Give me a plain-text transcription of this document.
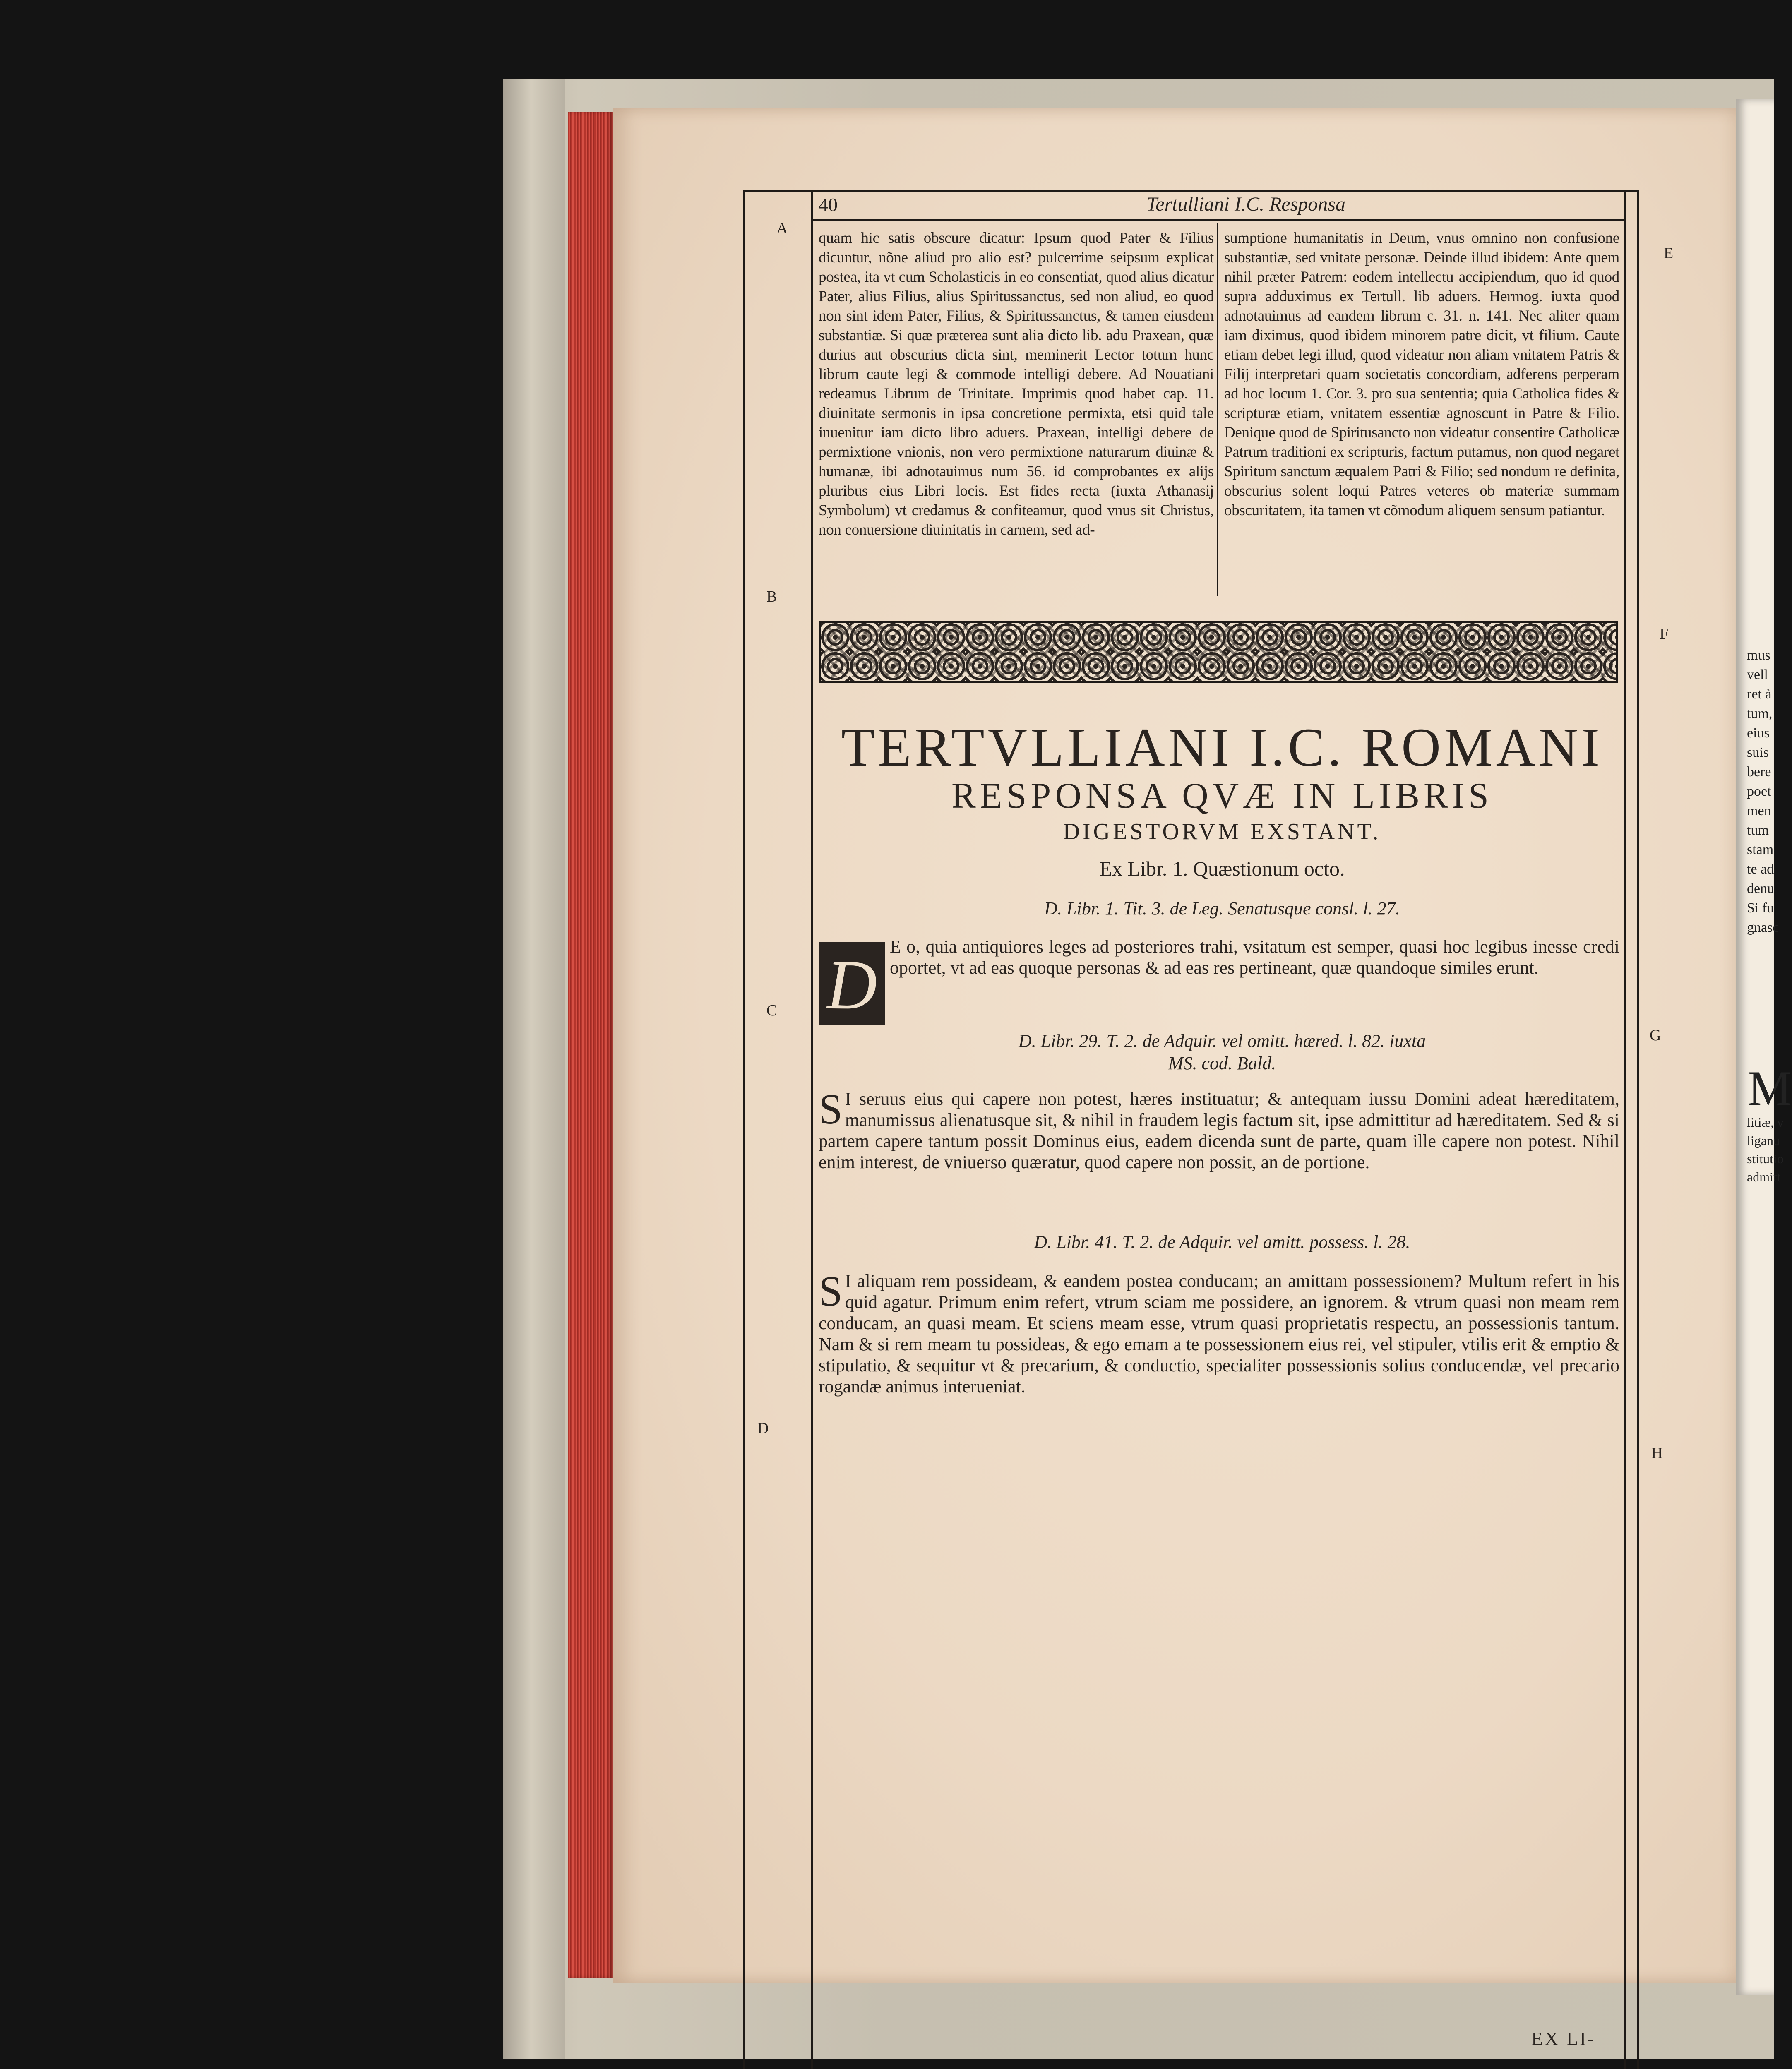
mus
vell
ret à
tum,
eius
suis
bere
poet
men
tum
stam
te ad
denu
Si fu
gnasc
M
litiæ, v
liganu
stitutio
admitt
40	Tertulliani I.C. Responsa
A
B
C
D
E
F
G
H

quam hic satis obscure dicatur: Ipsum quod Pater & Filius dicuntur, nõne aliud pro alio est? pulcerrime seipsum explicat postea, ita vt cum Scholasticis in eo consentiat, quod alius dicatur Pater, alius Filius, alius Spiritussanctus, sed non aliud, eo quod non sint idem Pater, Filius, & Spiritussanctus, & tamen eiusdem substantiæ. Si quæ præterea sunt alia dicto lib. adu Praxean, quæ durius aut obscurius dicta sint, meminerit Lector totum hunc librum caute legi & commode intelligi debere. Ad Nouatiani redeamus Librum de Trinitate. Imprimis quod habet cap. 11. diuinitate sermonis in ipsa concretione permixta, etsi quid tale inuenitur iam dicto libro aduers. Praxean, intelligi debere de permixtione vnionis, non vero permixtione naturarum diuinæ & humanæ, ibi adnotauimus num 56. id comprobantes ex alijs pluribus eius Libri locis. Est fides recta (iuxta Athanasij Symbolum) vt credamus & confiteamur, quod vnus sit Christus, non conuersione diuinitatis in carnem, sed ad-

sumptione humanitatis in Deum, vnus omnino non confusione substantiæ, sed vnitate personæ. Deinde illud ibidem: Ante quem nihil præter Patrem: eodem intellectu accipiendum, quo id quod supra adduximus ex Tertull. lib aduers. Hermog. iuxta quod adnotauimus ad eandem librum c. 31. n. 141. Nec aliter quam iam diximus, quod ibidem minorem patre dicit, vt filium. Caute etiam debet legi illud, quod videatur non aliam vnitatem Patris & Filij interpretari quam societatis concordiam, adferens perperam ad hoc locum 1. Cor. 3. pro sua sententia; quia Catholica fides & scripturæ etiam, vnitatem essentiæ agnoscunt in Patre & Filio. Denique quod de Spiritusancto non videatur consentire Catholicæ Patrum traditioni ex scripturis, factum putamus, non quod negaret Spiritum sanctum æqualem Patri & Filio; sed nondum re definita, obscurius solent loqui Patres veteres ob materiæ summam obscuritatem, ita tamen vt cõmodum aliquem sensum patiantur.

TERTVLLIANI I.C. ROMANI
RESPONSA QVÆ IN LIBRIS
DIGESTORVM EXSTANT.
Ex Libr. 1. Quæstionum octo.
D. Libr. 1. Tit. 3. de Leg. Senatusque consl. l. 27.
D E o, quia antiquiores leges ad posteriores trahi, vsitatum est semper, quasi hoc legibus inesse credi oportet, vt ad eas quoque personas & ad eas res pertineant, quæ quandoque similes erunt.

D. Libr. 29. T. 2. de Adquir. vel omitt. hæred. l. 82. iuxta
MS. cod. Bald.
S I seruus eius qui capere non potest, hæres instituatur; & antequam iussu Domini adeat hæreditatem, manumissus alienatusque sit, & nihil in fraudem legis factum sit, ipse admittitur ad hæreditatem. Sed & si partem capere tantum possit Dominus eius, eadem dicenda sunt de parte, quam ille capere non potest. Nihil enim interest, de vniuerso quæratur, quod capere non possit, an de portione.

D. Libr. 41. T. 2. de Adquir. vel amitt. possess. l. 28.
S I aliquam rem possideam, & eandem postea conducam; an amittam possessionem? Multum refert in his quid agatur. Primum enim refert, vtrum sciam me possidere, an ignorem. & vtrum quasi non meam rem conducam, an quasi meam. Et sciens meam esse, vtrum quasi proprietatis respectu, an possessionis tantum. Nam & si rem meam tu possideas, & ego emam a te possessionem eius rei, vel stipuler, vtilis erit & emptio & stipulatio, & sequitur vt & precarium, & conductio, specialiter possessionis solius conducendæ, vel precario rogandæ animus interueniat.

EX LI-
